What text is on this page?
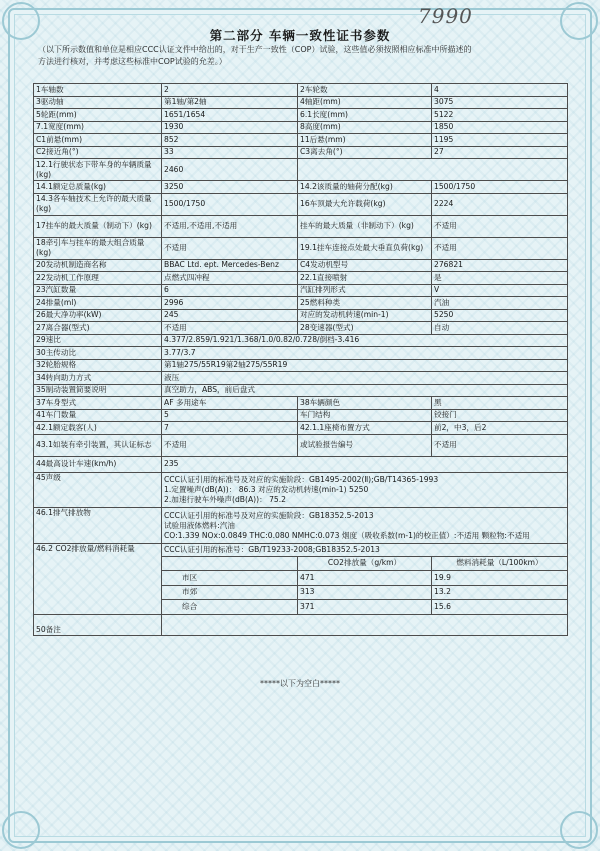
7990
第二部分 车辆一致性证书参数
（以下所示数值和单位是相应CCC认证文件中给出的，对于生产一致性（COP）试验，这些值必须按照相应标准中所描述的
方法进行核对，并考虑这些标准中COP试验的允差。）
1车轴数	2	2车轮数	4
3驱动轴	第1轴/第2轴	4轴距(mm)	3075
5轮距(mm)	1651/1654	6.1长度(mm)	5122
7.1宽度(mm)	1930	8高度(mm)	1850
C1前悬(mm)	852	11后悬(mm)	1195
C2接近角(°)	33	C3离去角(°)	27
12.1行驶状态下带车身的车辆质量(kg)	2460		
14.1额定总质量(kg)	3250	14.2该质量的轴荷分配(kg)	1500/1750
14.3各车轴技术上允许的最大质量(kg)	1500/1750	16车顶最大允许载荷(kg)	2224
17挂车的最大质量（制动下）(kg)	不适用,不适用,不适用	挂车的最大质量（非制动下）(kg)	不适用
18牵引车与挂车的最大组合质量(kg)	不适用	19.1挂车连接点处最大垂直负荷(kg)	不适用
20发动机制造商名称	BBAC Ltd. ept. Mercedes-Benz	C4发动机型号	276821
22发动机工作原理	点燃式四冲程	22.1直接喷射	是
23汽缸数量	6	汽缸排列形式	V
24排量(ml)	2996	25燃料种类	汽油
26最大净功率(kW)	245	对应的发动机转速(min-1)	5250
27离合器(型式)	不适用	28变速器(型式)	自动
29速比	4.377/2.859/1.921/1.368/1.0/0.82/0.728/倒档-3.416		
30主传动比	3.77/3.7		
32轮胎规格	第1轴275/55R19第2轴275/55R19		
34转向助力方式	液压		
35制动装置简要说明	真空助力，ABS，前后盘式		
37车身型式	AF 多用途车	38车辆颜色	黑
41车门数量	5	车门结构	铰接门
42.1额定载客(人)	7	42.1.1座椅布置方式	前2，中3，后2
43.1如装有牵引装置，其认证标志	不适用	或试验报告编号	不适用
44最高设计车速(km/h)	235		
45声级	CCC认证引用的标准号及对应的实施阶段：GB1495-2002(Ⅱ);GB/T14365-1993
1.定置噪声(dB(A))： 86.3 对应的发动机转速(min-1) 5250
2.加速行驶车外噪声(dB(A))： 75.2		

46.1排气排放物	CCC认证引用的标准号及对应的实施阶段：GB18352.5-2013
试验用液体燃料:汽油
CO:1.339 NOx:0.0849 THC:0.080 NMHC:0.073 烟度（吸收系数(m-1)的校正值）:不适用 颗粒物:不适用		

46.2 CO2排放量/燃料消耗量	CCC认证引用的标准号：GB/T19233-2008;GB18352.5-2013		
		CO2排放量（g/km）	燃料消耗量（L/100km）
	市区	471	19.9
	市郊	313	13.2
	综合	371	15.6
50备注			
*****以下为空白*****
